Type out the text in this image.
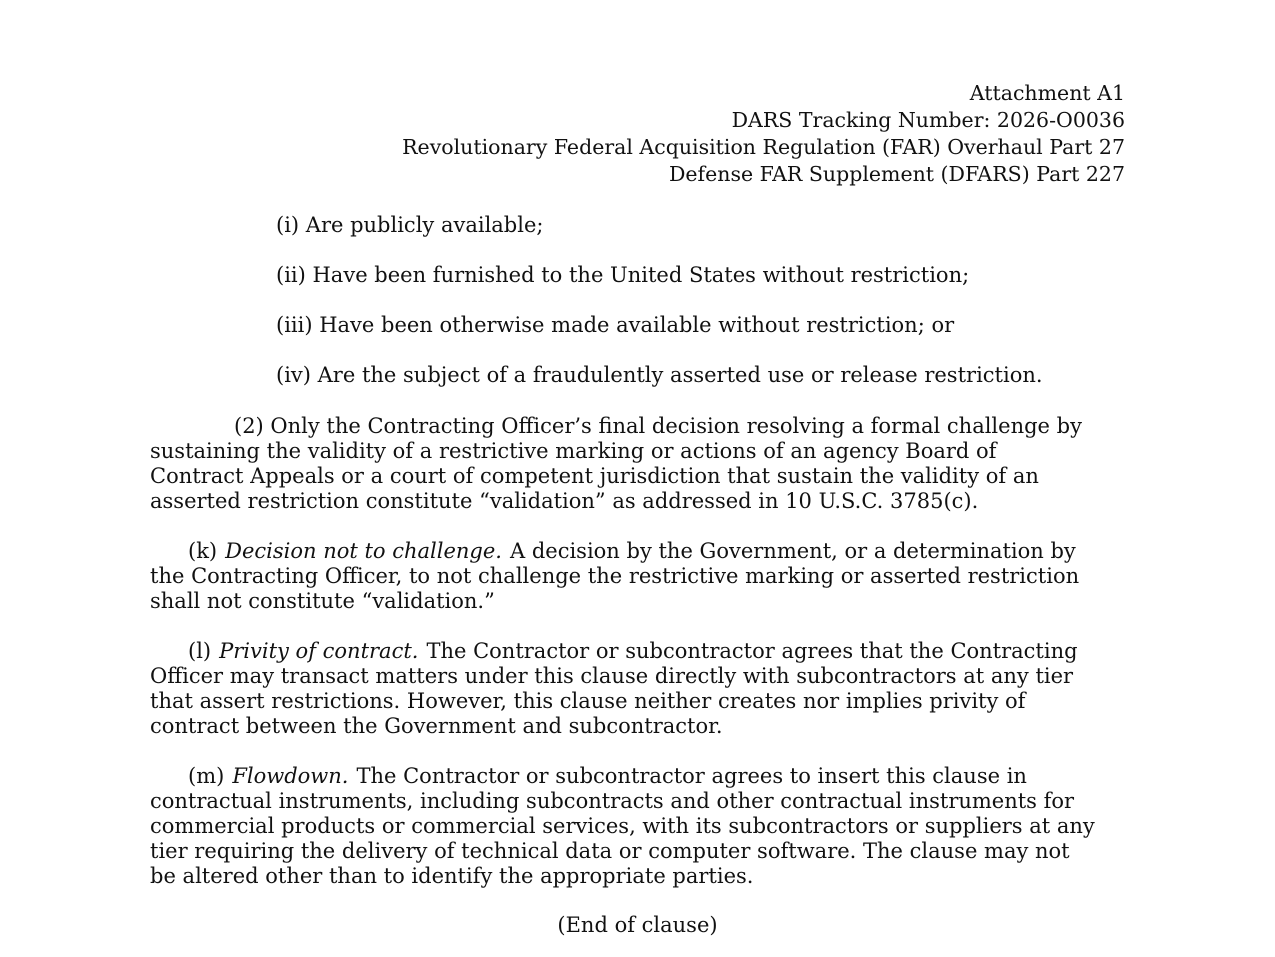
Attachment A1
DARS Tracking Number: 2026-O0036
Revolutionary Federal Acquisition Regulation (FAR) Overhaul Part 27
Defense FAR Supplement (DFARS) Part 227
(i) Are publicly available;
(ii) Have been furnished to the United States without restriction;
(iii) Have been otherwise made available without restriction; or
(iv) Are the subject of a fraudulently asserted use or release restriction.
(2) Only the Contracting Officer’s final decision resolving a formal challenge by
sustaining the validity of a restrictive marking or actions of an agency Board of
Contract Appeals or a court of competent jurisdiction that sustain the validity of an
asserted restriction constitute “validation” as addressed in 10 U.S.C. 3785(c).
(k) Decision not to challenge. A decision by the Government, or a determination by
the Contracting Officer, to not challenge the restrictive marking or asserted restriction
shall not constitute “validation.”
(l) Privity of contract. The Contractor or subcontractor agrees that the Contracting
Officer may transact matters under this clause directly with subcontractors at any tier
that assert restrictions. However, this clause neither creates nor implies privity of
contract between the Government and subcontractor.
(m) Flowdown. The Contractor or subcontractor agrees to insert this clause in
contractual instruments, including subcontracts and other contractual instruments for
commercial products or commercial services, with its subcontractors or suppliers at any
tier requiring the delivery of technical data or computer software. The clause may not
be altered other than to identify the appropriate parties.
(End of clause)
